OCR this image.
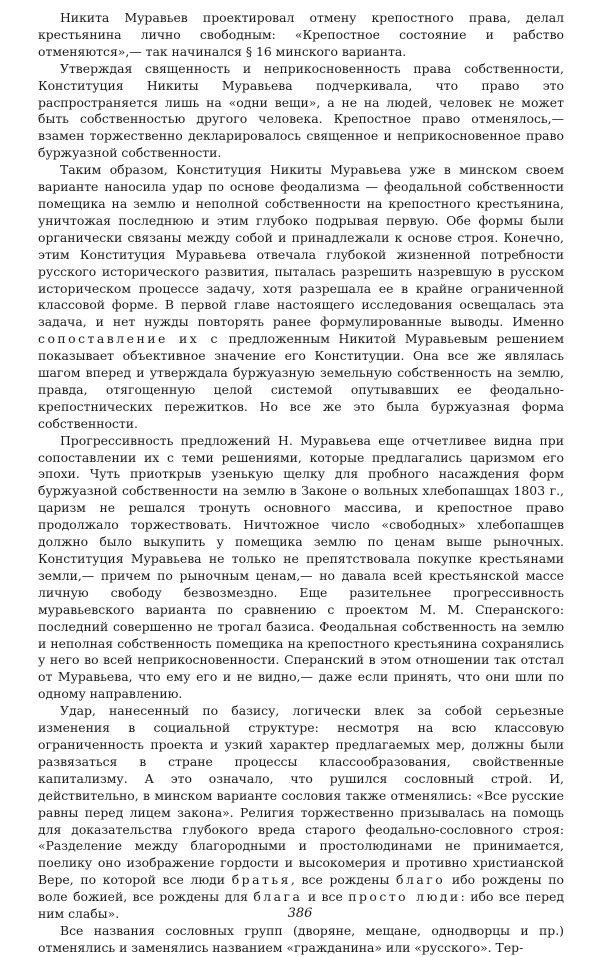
Никита Муравьев проектировал отмену крепостного права, делал крестьянина лично свободным: «Крепостное состояние и рабство отменяются»,— так начинался § 16 минского варианта.

Утверждая священность и неприкосновенность права собственности, Конституция Никиты Муравьева подчеркивала, что право это распространяется лишь на «одни вещи», а не на людей, человек не может быть собственностью другого человека. Крепостное право отменялось,— взамен торжественно декларировалось священное и неприкосновенное право буржуазной собственности.

Таким образом, Конституция Никиты Муравьева уже в минском своем варианте наносила удар по основе феодализма — феодальной собственности помещика на землю и неполной собственности на крепостного крестьянина, уничтожая последнюю и этим глубоко подрывая первую. Обе формы были органически связаны между собой и принадлежали к основе строя. Конечно, этим Конституция Муравьева отвечала глубокой жизненной потребности русского исторического развития, пыталась разрешить назревшую в русском историческом процессе задачу, хотя разрешала ее в крайне ограниченной классовой форме. В первой главе настоящего исследования освещалась эта задача, и нет нужды повторять ранее формулированные выводы. Именно сопоставление их с предложенным Никитой Муравьевым решением показывает объективное значение его Конституции. Она все же являлась шагом вперед и утверждала буржуазную земельную собственность на землю, правда, отягощенную целой системой опутывавших ее феодально-крепостнических пережитков. Но все же это была буржуазная форма собственности.

Прогрессивность предложений Н. Муравьева еще отчетливее видна при сопоставлении их с теми решениями, которые предлагались царизмом его эпохи. Чуть приоткрыв узенькую щелку для пробного насаждения форм буржуазной собственности на землю в Законе о вольных хлебопашцах 1803 г., царизм не решался тронуть основного массива, и крепостное право продолжало торжествовать. Ничтожное число «свободных» хлебопашцев должно было выкупить у помещика землю по ценам выше рыночных. Конституция Муравьева не только не препятствовала покупке крестьянами земли,— причем по рыночным ценам,— но давала всей крестьянской массе личную свободу безвозмездно. Еще разительнее прогрессивность муравьевского варианта по сравнению с проектом М. М. Сперанского: последний совершенно не трогал базиса. Феодальная собственность на землю и неполная собственность помещика на крепостного крестьянина сохранялись у него во всей неприкосновенности. Сперанский в этом отношении так отстал от Муравьева, что ему его и не видно,— даже если принять, что они шли по одному направлению.

Удар, нанесенный по базису, логически влек за собой серьезные изменения в социальной структуре: несмотря на всю классовую ограниченность проекта и узкий характер предлагаемых мер, должны были развязаться в стране процессы классообразования, свойственные капитализму. А это означало, что рушился сословный строй. И, действительно, в минском варианте сословия также отменялись: «Все русские равны перед лицем закона». Религия торжественно призывалась на помощь для доказательства глубокого вреда старого феодально-сословного строя: «Разделение между благородными и простолюдинами не принимается, поелику оно изображение гордости и высокомерия и противно христианской Вере, по которой все люди братья, все рождены благо ибо рождены по воле божией, все рождены для блага и все просто люди: ибо все перед ним слабы».

Все названия сословных групп (дворяне, мещане, однодворцы и пр.) отменялись и заменялись названием «гражданина» или «русского». Тер-

386
